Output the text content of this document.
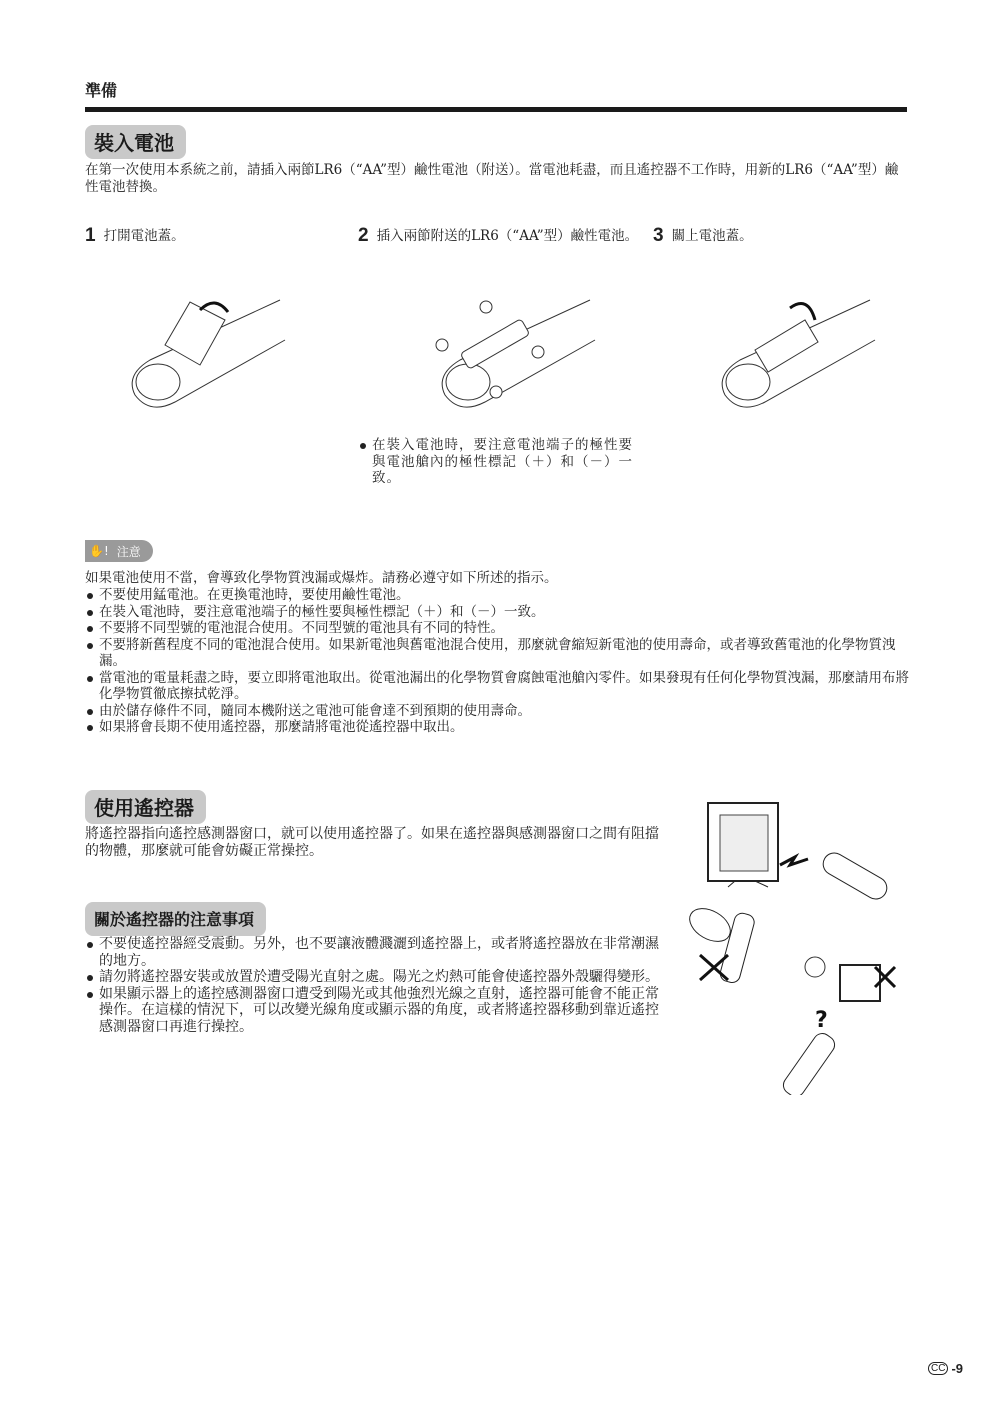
準備
裝入電池
在第一次使用本系統之前，請插入兩節LR6（“AA”型）鹼性電池（附送）。當電池耗盡，而且遙控器不工作時，用新的LR6（“AA”型）鹼性電池替換。
1 打開電池蓋。	2 插入兩節附送的LR6（“AA”型）鹼性電池。 3 關上電池蓋。
在裝入電池時，要注意電池端子的極性要與電池艙內的極性標記（＋）和（－）一致。
✋! 注意
如果電池使用不當，會導致化學物質洩漏或爆炸。請務必遵守如下所述的指示。
不要使用錳電池。在更換電池時，要使用鹼性電池。
在裝入電池時，要注意電池端子的極性要與極性標記（＋）和（－）一致。
不要將不同型號的電池混合使用。不同型號的電池具有不同的特性。
不要將新舊程度不同的電池混合使用。如果新電池與舊電池混合使用，那麼就會縮短新電池的使用壽命，或者導致舊電池的化學物質洩漏。
當電池的電量耗盡之時，要立即將電池取出。從電池漏出的化學物質會腐蝕電池艙內零件。如果發現有任何化學物質洩漏，那麼請用布將化學物質徹底擦拭乾淨。
由於儲存條件不同，隨同本機附送之電池可能會達不到預期的使用壽命。
如果將會長期不使用遙控器，那麼請將電池從遙控器中取出。
使用遙控器
將遙控器指向遙控感測器窗口，就可以使用遙控器了。如果在遙控器與感測器窗口之間有阻擋的物體，那麼就可能會妨礙正常操控。
關於遙控器的注意事項
不要使遙控器經受震動。另外，也不要讓液體濺灑到遙控器上，或者將遙控器放在非常潮濕的地方。
請勿將遙控器安裝或放置於遭受陽光直射之處。陽光之灼熱可能會使遙控器外殼驪得變形。
如果顯示器上的遙控感測器窗口遭受到陽光或其他強烈光線之直射，遙控器可能會不能正常操作。在這樣的情況下，可以改變光線角度或顯示器的角度，或者將遙控器移動到靠近遙控感測器窗口再進行操控。	?
CC -9
